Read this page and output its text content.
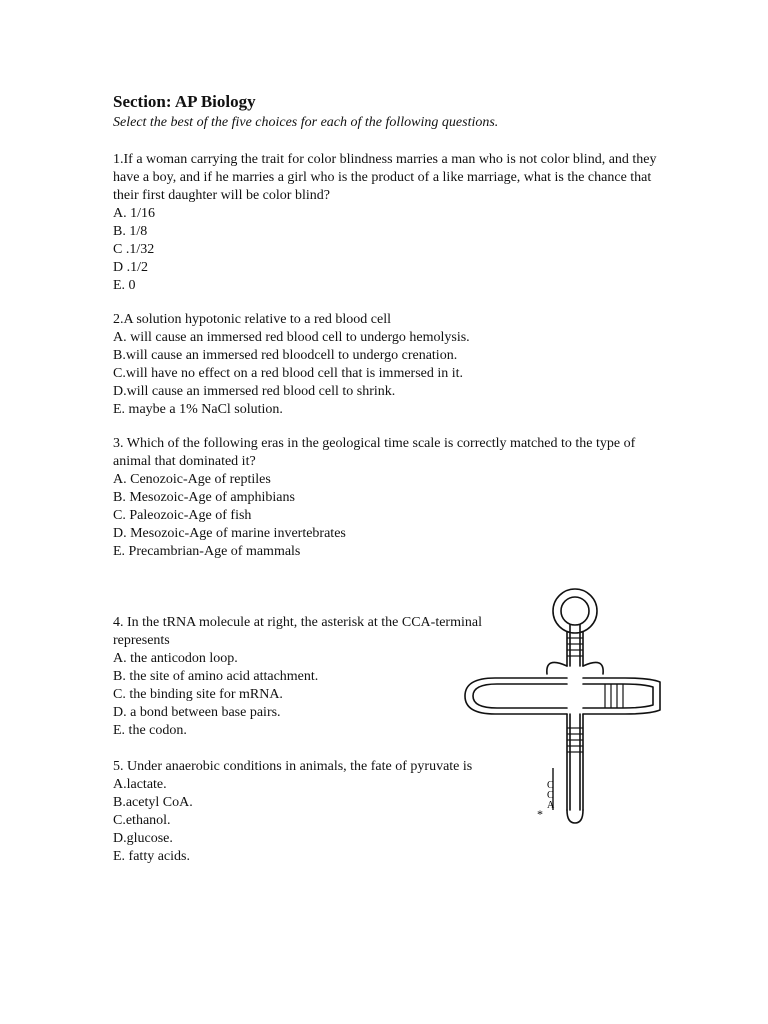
Section: AP Biology

Select the best of the five choices for each of the following questions.

1.If a woman carrying the trait for color blindness marries a man who is not color blind, and they have a boy, and if he marries a girl who is the product of a like marriage, what is the chance that their first daughter will be color blind?
A. 1/16
B. 1/8
C .1/32
D .1/2
E. 0
2.A solution hypotonic relative to a red blood cell
A. will cause an immersed red blood cell to undergo hemolysis.
B.will cause an immersed red bloodcell to undergo crenation.
C.will have no effect on a red blood cell that is immersed in it.
D.will cause an immersed red blood cell to shrink.
E. maybe a 1% NaCl solution.
3. Which of the following eras in the geological time scale is correctly matched to the type of animal that dominated it?
A. Cenozoic-Age of reptiles
B. Mesozoic-Age of amphibians
C. Paleozoic-Age of fish
D. Mesozoic-Age of marine invertebrates
E. Precambrian-Age of mammals
4. In the tRNA molecule at right, the asterisk at the CCA-terminal represents
A. the anticodon loop.
B. the site of amino acid attachment.
C. the binding site for mRNA.
D. a bond between base pairs.
E. the codon.
5. Under anaerobic conditions in animals, the fate of pyruvate is
A.lactate.
B.acetyl CoA.
C.ethanol.
D.glucose.
E. fatty acids.
C
C
A
*
